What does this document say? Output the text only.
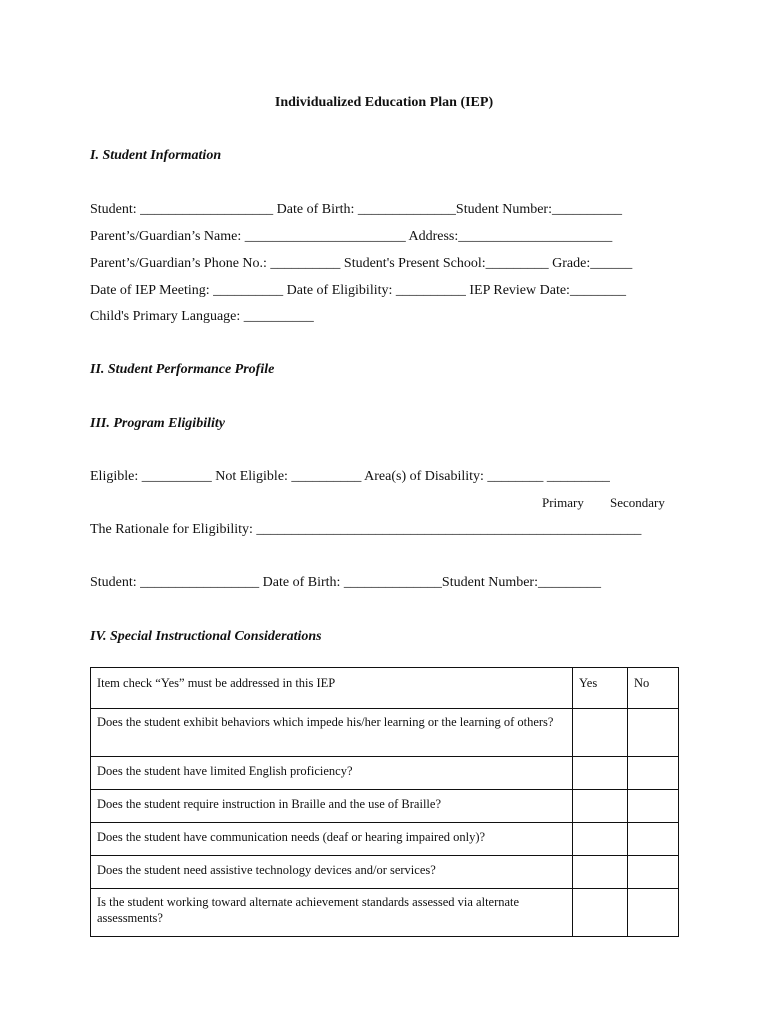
Individualized Education Plan (IEP)
I. Student Information
Student: ___________________ Date of Birth: ______________Student Number:__________
Parent’s/Guardian’s Name: _______________________ Address:______________________
Parent’s/Guardian’s Phone No.: __________ Student's Present School:_________ Grade:______
Date of IEP Meeting: __________ Date of Eligibility: __________ IEP Review Date:________
Child's Primary Language: __________
II. Student Performance Profile
III. Program Eligibility
Eligible: __________ Not Eligible: __________ Area(s) of Disability: ________ _________
Primary Secondary
The Rationale for Eligibility: _______________________________________________________
Student: _________________ Date of Birth: ______________Student Number:_________
IV. Special Instructional Considerations
Item check “Yes” must be addressed in this IEP	Yes	No
Does the student exhibit behaviors which impede his/her learning or the learning of others?		
Does the student have limited English proficiency?		
Does the student require instruction in Braille and the use of Braille?		
Does the student have communication needs (deaf or hearing impaired only)?		
Does the student need assistive technology devices and/or services?		
Is the student working toward alternate achievement standards assessed via alternate assessments?		
